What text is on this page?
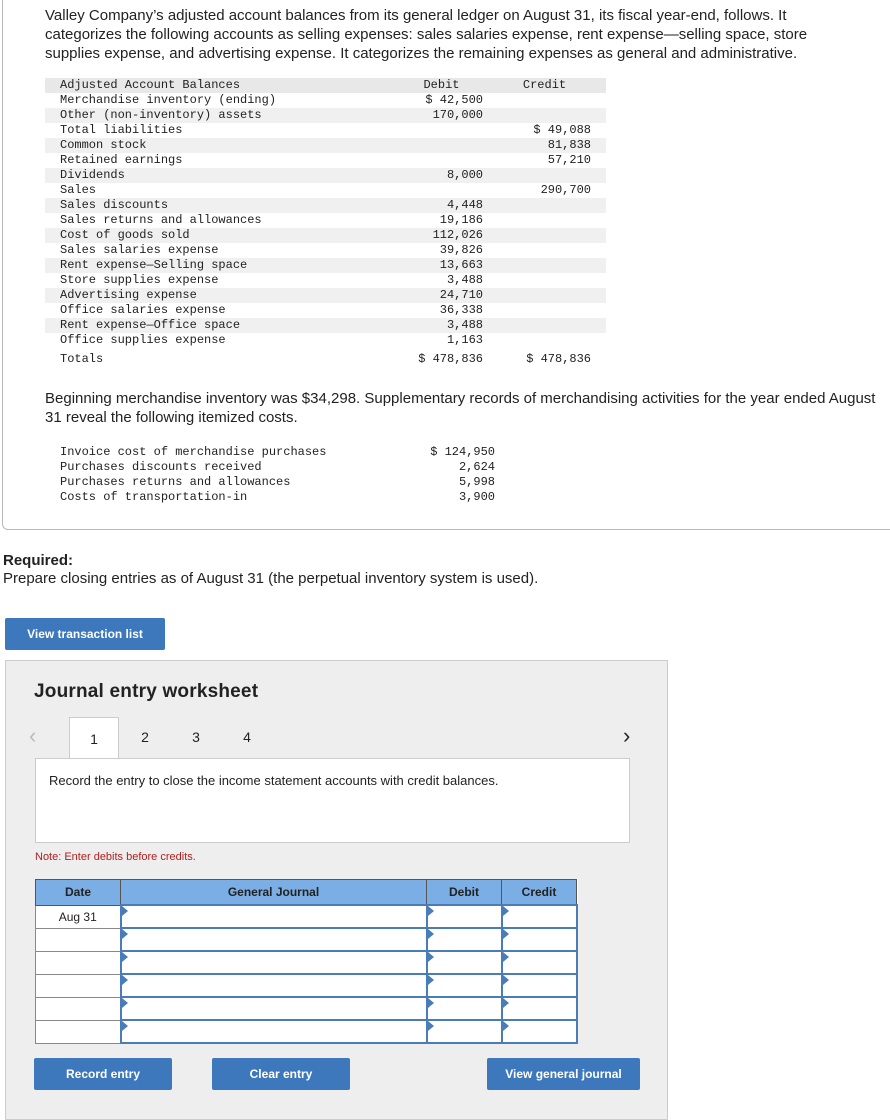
Valley Company’s adjusted account balances from its general ledger on August 31, its fiscal year-end, follows. It categorizes the following accounts as selling expenses: sales salaries expense, rent expense—selling space, store supplies expense, and advertising expense. It categorizes the remaining expenses as general and administrative.

Adjusted Account Balances	Debit	Credit
Merchandise inventory (ending)	$ 42,500	
Other (non-inventory) assets	170,000	
Total liabilities		$ 49,088
Common stock		81,838
Retained earnings		57,210
Dividends	8,000	
Sales		290,700
Sales discounts	4,448	
Sales returns and allowances	19,186	
Cost of goods sold	112,026	
Sales salaries expense	39,826	
Rent expense—Selling space	13,663	
Store supplies expense	3,488	
Advertising expense	24,710	
Office salaries expense	36,338	
Rent expense—Office space	3,488	
Office supplies expense	1,163	
Totals	$ 478,836	$ 478,836

Beginning merchandise inventory was $34,298. Supplementary records of merchandising activities for the year ended August 31 reveal the following itemized costs.

Invoice cost of merchandise purchases	$ 124,950
Purchases discounts received	2,624
Purchases returns and allowances	5,998
Costs of transportation-in	3,900

Required:

Prepare closing entries as of August 31 (the perpetual inventory system is used).

View transaction list

Journal entry worksheet

‹	1	2	3	4	›

Record the entry to close the income statement accounts with credit balances.

Note: Enter debits before credits.

Date	General Journal	Debit	Credit
Aug 31			

Record entry	Clear entry	View general journal
